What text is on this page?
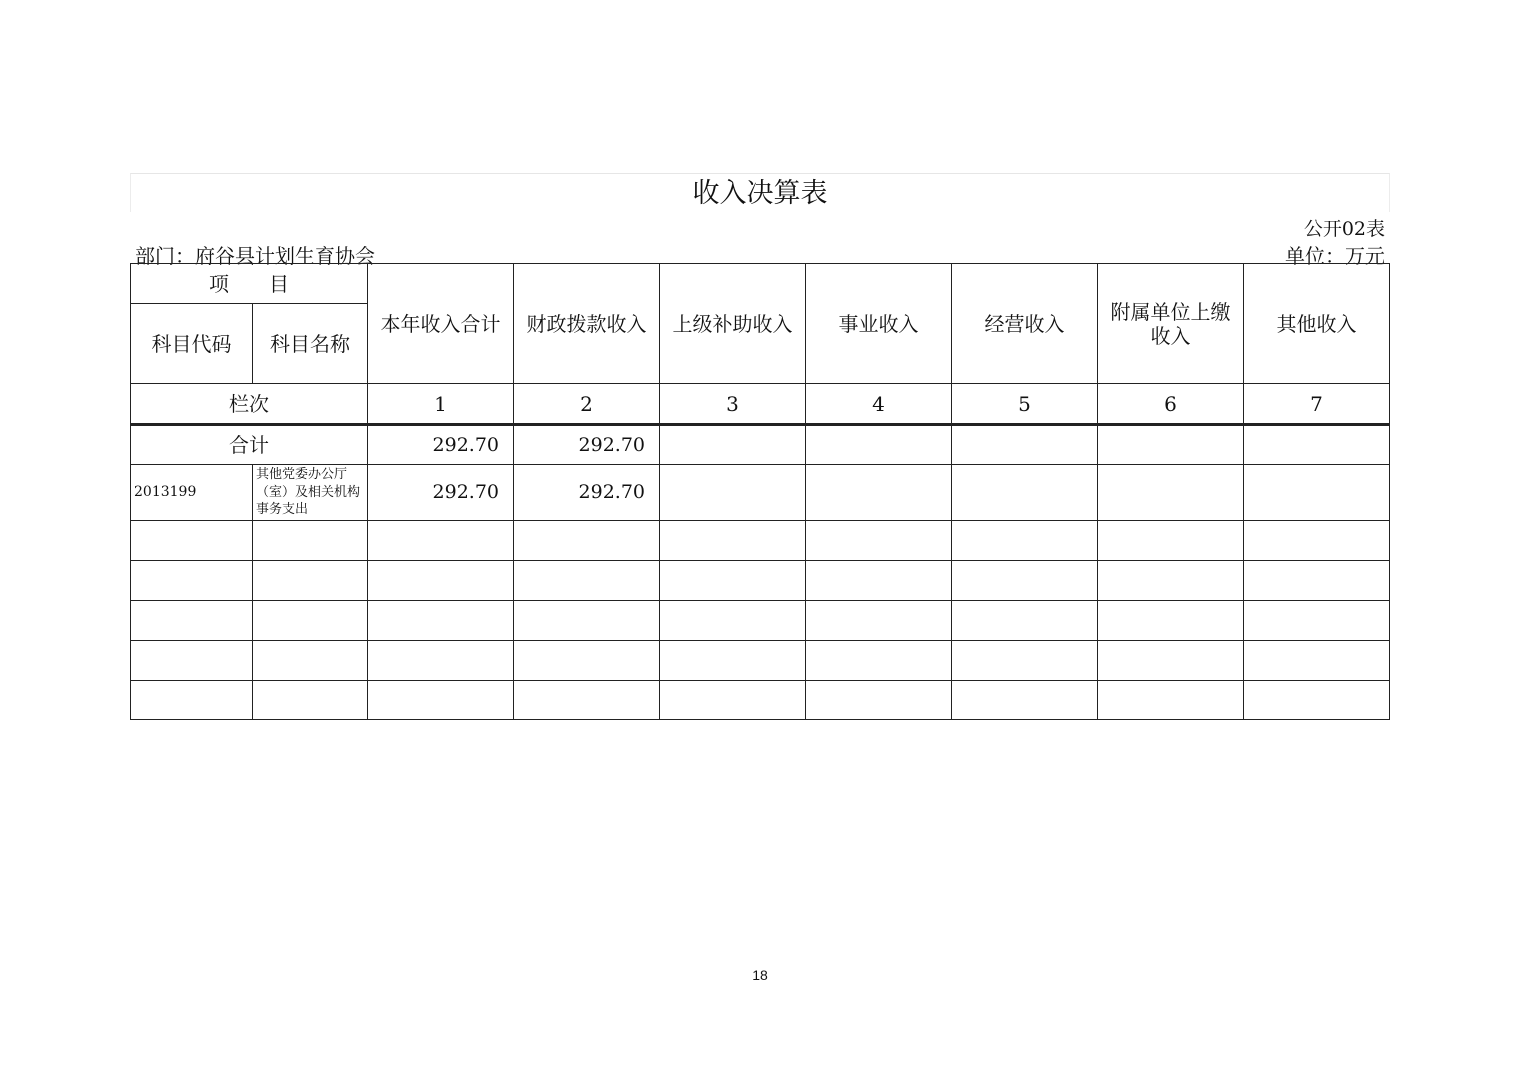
收入决算表
公开02表
部门：府谷县计划生育协会	单位：万元
项　　目		本年收入合计	财政拨款收入	上级补助收入	事业收入	经营收入	附属单位上缴收入	其他收入
科目代码	科目名称							
栏次		1	2	3	4	5	6	7
合计		292.70	292.70					
2013199	其他党委办公厅（室）及相关机构事务支出	292.70	292.70					

18
